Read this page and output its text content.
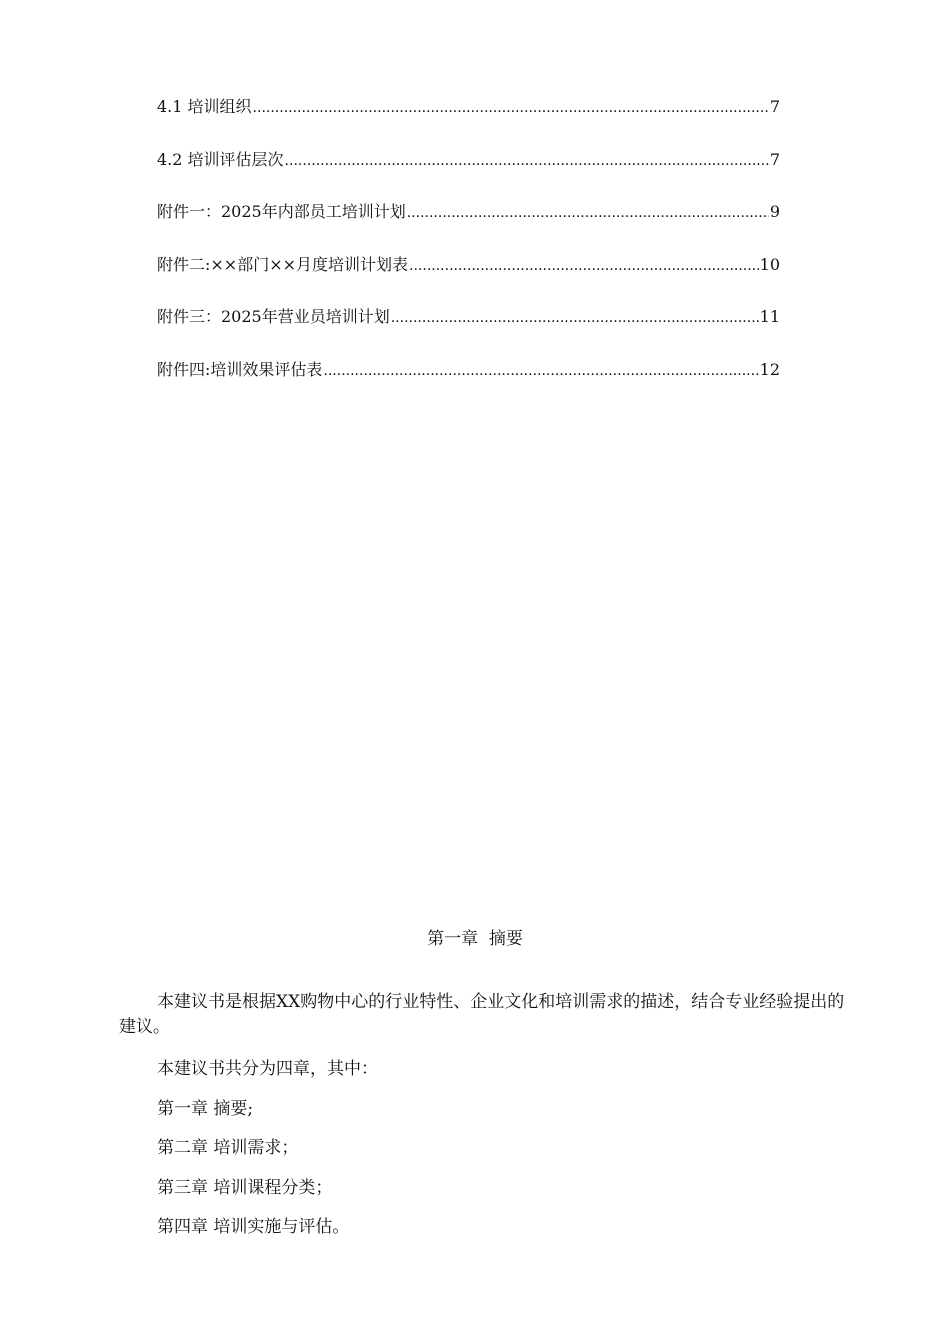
4.1 培训组织 .....	7
4.2 培训评估层次 .....	7
附件一：2025年内部员工培训计划 .....	9
附件二:××部门××月度培训计划表 .....	10
附件三：2025年营业员培训计划 .....	11
附件四:培训效果评估表 .....	12
第一章  摘要

本建议书是根据XX购物中心的行业特性、企业文化和培训需求的描述，结合专业经验提出的建议。

本建议书共分为四章，其中：

第一章 摘要;

第二章 培训需求；

第三章 培训课程分类；

第四章 培训实施与评估。
